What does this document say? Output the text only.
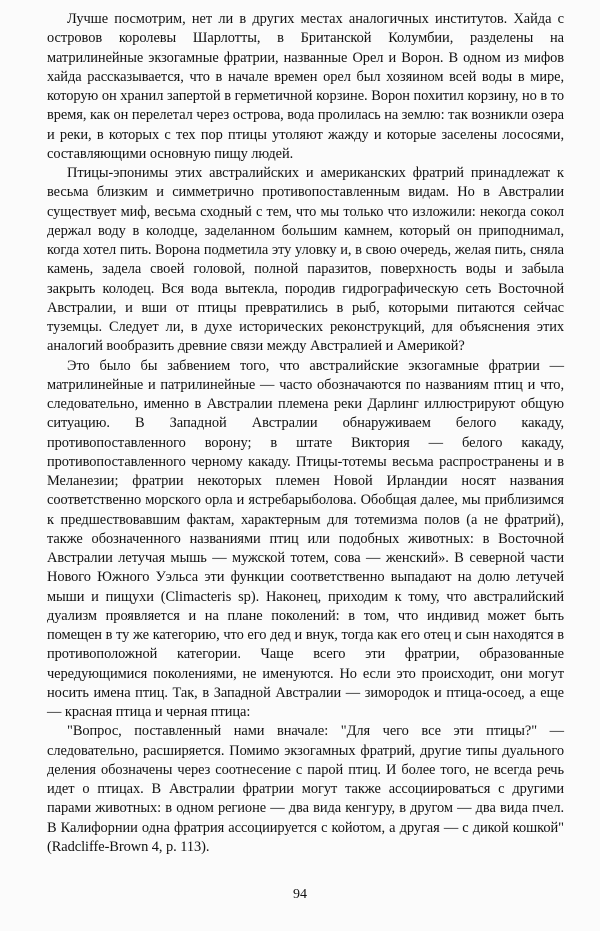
Лучше посмотрим, нет ли в других местах аналогичных институтов. Хайда с островов королевы Шарлотты, в Британской Колумбии, разделены на матрилинейные экзогамные фратрии, названные Орел и Ворон. В одном из мифов хайда рассказывается, что в начале времен орел был хозяином всей воды в мире, которую он хранил запертой в герметичной корзине. Ворон похитил корзину, но в то время, как он перелетал через острова, вода пролилась на землю: так возникли озера и реки, в которых с тех пор птицы утоляют жажду и которые заселены лососями, составляющими основную пищу людей.

Птицы-эпонимы этих австралийских и американских фратрий принадлежат к весьма близким и симметрично противопоставленным видам. Но в Австралии существует миф, весьма сходный с тем, что мы только что изложили: некогда сокол держал воду в колодце, заделанном большим камнем, который он приподнимал, когда хотел пить. Ворона подметила эту уловку и, в свою очередь, желая пить, сняла камень, задела своей головой, полной паразитов, поверхность воды и забыла закрыть колодец. Вся вода вытекла, породив гидрографическую сеть Восточной Австралии, и вши от птицы превратились в рыб, которыми питаются сейчас туземцы. Следует ли, в духе исторических реконструкций, для объяснения этих аналогий вообразить древние связи между Австралией и Америкой?

Это было бы забвением того, что австралийские экзогамные фратрии — матрилинейные и патрилинейные — часто обозначаются по названиям птиц и что, следовательно, именно в Австралии племена реки Дарлинг иллюстрируют общую ситуацию. В Западной Австралии обнаруживаем белого какаду, противопоставленного ворону; в штате Виктория — белого какаду, противопоставленного черному какаду. Птицы-тотемы весьма распространены и в Меланезии; фратрии некоторых племен Новой Ирландии носят названия соответственно морского орла и ястребарыболова. Обобщая далее, мы приблизимся к предшествовавшим фактам, характерным для тотемизма полов (а не фратрий), также обозначенного названиями птиц или подобных животных: в Восточной Австралии летучая мышь — мужской тотем, сова — женский». В северной части Нового Южного Уэльса эти функции соответственно выпадают на долю летучей мыши и пищухи (Climacteris sp). Наконец, приходим к тому, что австралийский дуализм проявляется и на плане поколений: в том, что индивид может быть помещен в ту же категорию, что его дед и внук, тогда как его отец и сын находятся в противоположной категории. Чаще всего эти фратрии, образованные чередующимися поколениями, не именуются. Но если это происходит, они могут носить имена птиц. Так, в Западной Австралии — зимородок и птица-осоед, а еще — красная птица и черная птица:

"Вопрос, поставленный нами вначале: "Для чего все эти птицы?" — следовательно, расширяется. Помимо экзогамных фратрий, другие типы дуального деления обозначены через соотнесение с парой птиц. И более того, не всегда речь идет о птицах. В Австралии фратрии могут также ассоциироваться с другими парами животных: в одном регионе — два вида кенгуру, в другом — два вида пчел. В Калифорнии одна фратрия ассоциируется с койотом, а другая — с дикой кошкой" (Radcliffe-Brown 4, p. 113).

94
